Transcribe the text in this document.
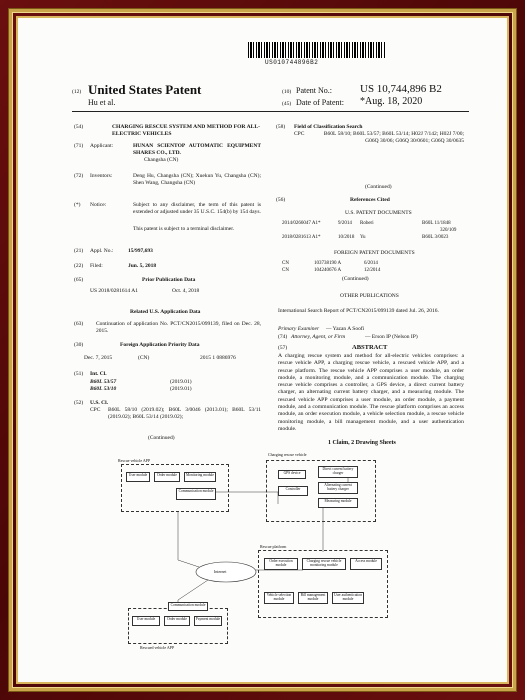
US010744896B2
(12) United States Patent
Hu et al.
(10) Patent No.:	US 10,744,896 B2
(45) Date of Patent: *Aug. 18, 2020
(54)	CHARGING RESCUE SYSTEM AND METHOD FOR ALL-ELECTRIC VEHICLES
(71) Applicant:	HUNAN SCIENTOP AUTOMATIC EQUIPMENT SHARES CO., LTD.
Changsha (CN)
(72) Inventors:	Deng Hu, Changsha (CN); Xuekun Yu, Changsha (CN); Shen Wang, Changsha (CN)
(*) Notice:	Subject to any disclaimer, the term of this patent is extended or adjusted under 35 U.S.C. 154(b) by 154 days.
This patent is subject to a terminal disclaimer.
(21) Appl. No.:	15/997,693
(22) Filed:	Jun. 5, 2018
(65)	Prior Publication Data
US 2018/0281614 A1	Oct. 4, 2018
Related U.S. Application Data
(63) Continuation of application No. PCT/CN2015/099139, filed on Dec. 28, 2015.
(30)	Foreign Application Priority Data
Dec. 7, 2015	(CN)	2015 1 0886976
(51) Int. Cl.
B60L 53/57	(2019.01)
B60L 53/10	(2019.01)
(52) U.S. Cl.
CPC B60L 58/10 (2019.02); B60L 3/0046 (2013.01); B60L 53/11 (2019.02); B60L 53/14 (2019.02);
(Continued)
(58) Field of Classification Search
CPC	B60L 58/10; B60L 53/57; B60L 53/14; H02J 7/142; H02J 7/00; G06Q 30/06; G06Q 30/0601; G06Q 30/0635
(Continued)
(56)	References Cited
U.S. PATENT DOCUMENTS
2014/0266047 A1*	9/2014 Roberi	B60L 11/1848
320/109
2018/0281613 A1*	10/2018 Yu	B60L 3/0023
FOREIGN PATENT DOCUMENTS
CN	103738190 A	6/2014
CN	104240676 A	12/2014
(Continued)
OTHER PUBLICATIONS
International Search Report of PCT/CN2015/099139 dated Jul. 26, 2016.
Primary Examiner — Yazan A Soofi
(74) Attorney, Agent, or Firm	— Erson IP (Nelson IP)
(57)	ABSTRACT
A charging rescue system and method for all-electric vehicles comprises: a rescue vehicle APP, a charging rescue vehicle, a rescued vehicle APP, and a rescue platform. The rescue vehicle APP comprises a user module, an order module, a monitoring module, and a communication module. The charging rescue vehicle comprises a controller, a GPS device, a direct current battery charger, an alternating current battery charger, and a measuring module. The rescued vehicle APP comprises a user module, an order module, a payment module, and a communication module. The rescue platform comprises an access module, an order execution module, a vehicle selection module, a rescue vehicle monitoring module, a bill management module, and a user authentication module.
1 Claim, 2 Drawing Sheets
Rescue vehicle APP
User module	Order module	Monitoring module
Communication module
Charging rescue vehicle
GPS device
Controller
Direct current battery charger
Alternating current battery charger
Measuring module
Internet
Rescue platform
Order execution module
Charging rescue vehicle monitoring module
Access module
Vehicle selection module
Bill management module
User authentication module
User module	Order module	Payment module
Communication module
Rescued vehicle APP
